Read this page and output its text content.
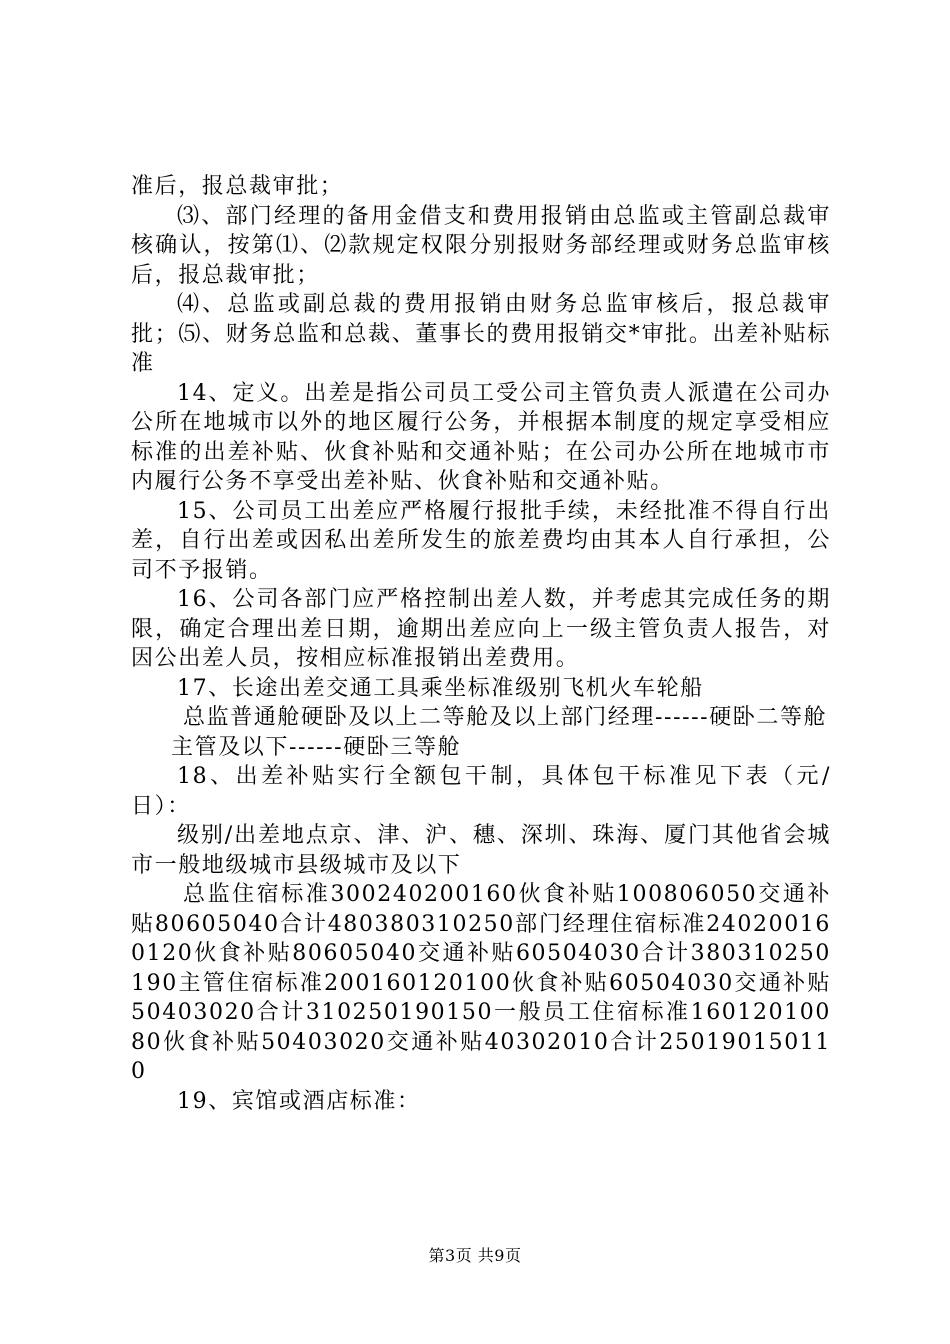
准后，报总裁审批；

⑶、部门经理的备用金借支和费用报销由总监或主管副总裁审核确认，按第⑴、⑵款规定权限分别报财务部经理或财务总监审核后，报总裁审批；

⑷、总监或副总裁的费用报销由财务总监审核后，报总裁审批；⑸、财务总监和总裁、董事长的费用报销交*审批。出差补贴标准

14、定义。出差是指公司员工受公司主管负责人派遣在公司办公所在地城市以外的地区履行公务，并根据本制度的规定享受相应标准的出差补贴、伙食补贴和交通补贴；在公司办公所在地城市市内履行公务不享受出差补贴、伙食补贴和交通补贴。

15、公司员工出差应严格履行报批手续，未经批准不得自行出差，自行出差或因私出差所发生的旅差费均由其本人自行承担，公司不予报销。

16、公司各部门应严格控制出差人数，并考虑其完成任务的期限，确定合理出差日期，逾期出差应向上一级主管负责人报告，对因公出差人员，按相应标准报销出差费用。

17、长途出差交通工具乘坐标准级别飞机火车轮船

总监普通舱硬卧及以上二等舱及以上部门经理------硬卧二等舱

主管及以下------硬卧三等舱

18、出差补贴实行全额包干制，具体包干标准见下表（元/日）：

级别/出差地点京、津、沪、穗、深圳、珠海、厦门其他省会城市一般地级城市县级城市及以下

总监住宿标准300240200160伙食补贴100806050交通补贴80605040合计480380310250部门经理住宿标准240200160120伙食补贴80605040交通补贴60504030合计380310250190主管住宿标准200160120100伙食补贴60504030交通补贴50403020合计310250190150一般员工住宿标准16012010080伙食补贴50403020交通补贴40302010合计250190150110

19、宾馆或酒店标准：

第3页 共9页
